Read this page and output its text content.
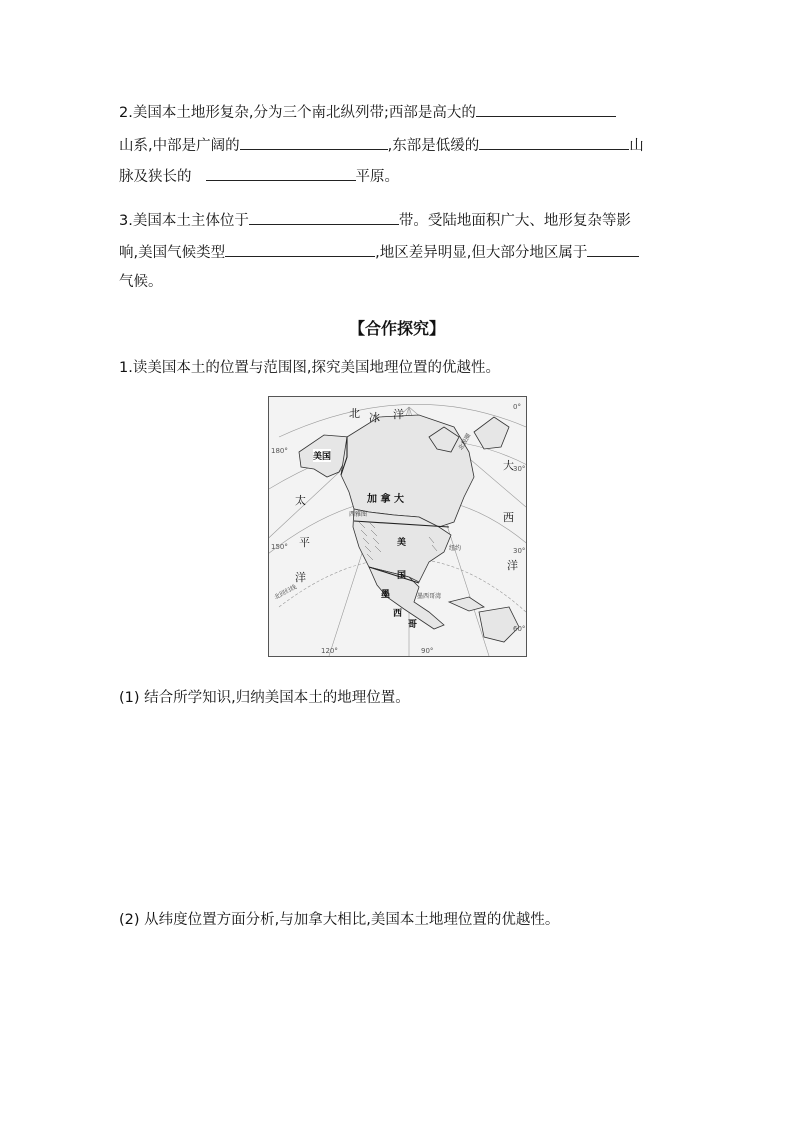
2.美国本土地形复杂,分为三个南北纵列带;西部是高大的
山系,中部是广阔的	,东部是低缓的	山
脉及狭长的	平原。
3.美国本土主体位于	带。受陆地面积广大、地形复杂等影
响,美国气候类型	,地区差异明显,但大部分地区属于
气候。
【合作探究】
1.读美国本土的位置与范围图,探究美国地理位置的优越性。
北 冰 洋
美国
加 拿 大
美
国
墨
西
哥
太
平
洋
大
西
洋
西雅图
纽约
墨西哥湾
北回归线
北极圈
180°
150°
120°	90°
0°
30°
30°
60°
(1) 结合所学知识,归纳美国本土的地理位置。
(2) 从纬度位置方面分析,与加拿大相比,美国本土地理位置的优越性。
